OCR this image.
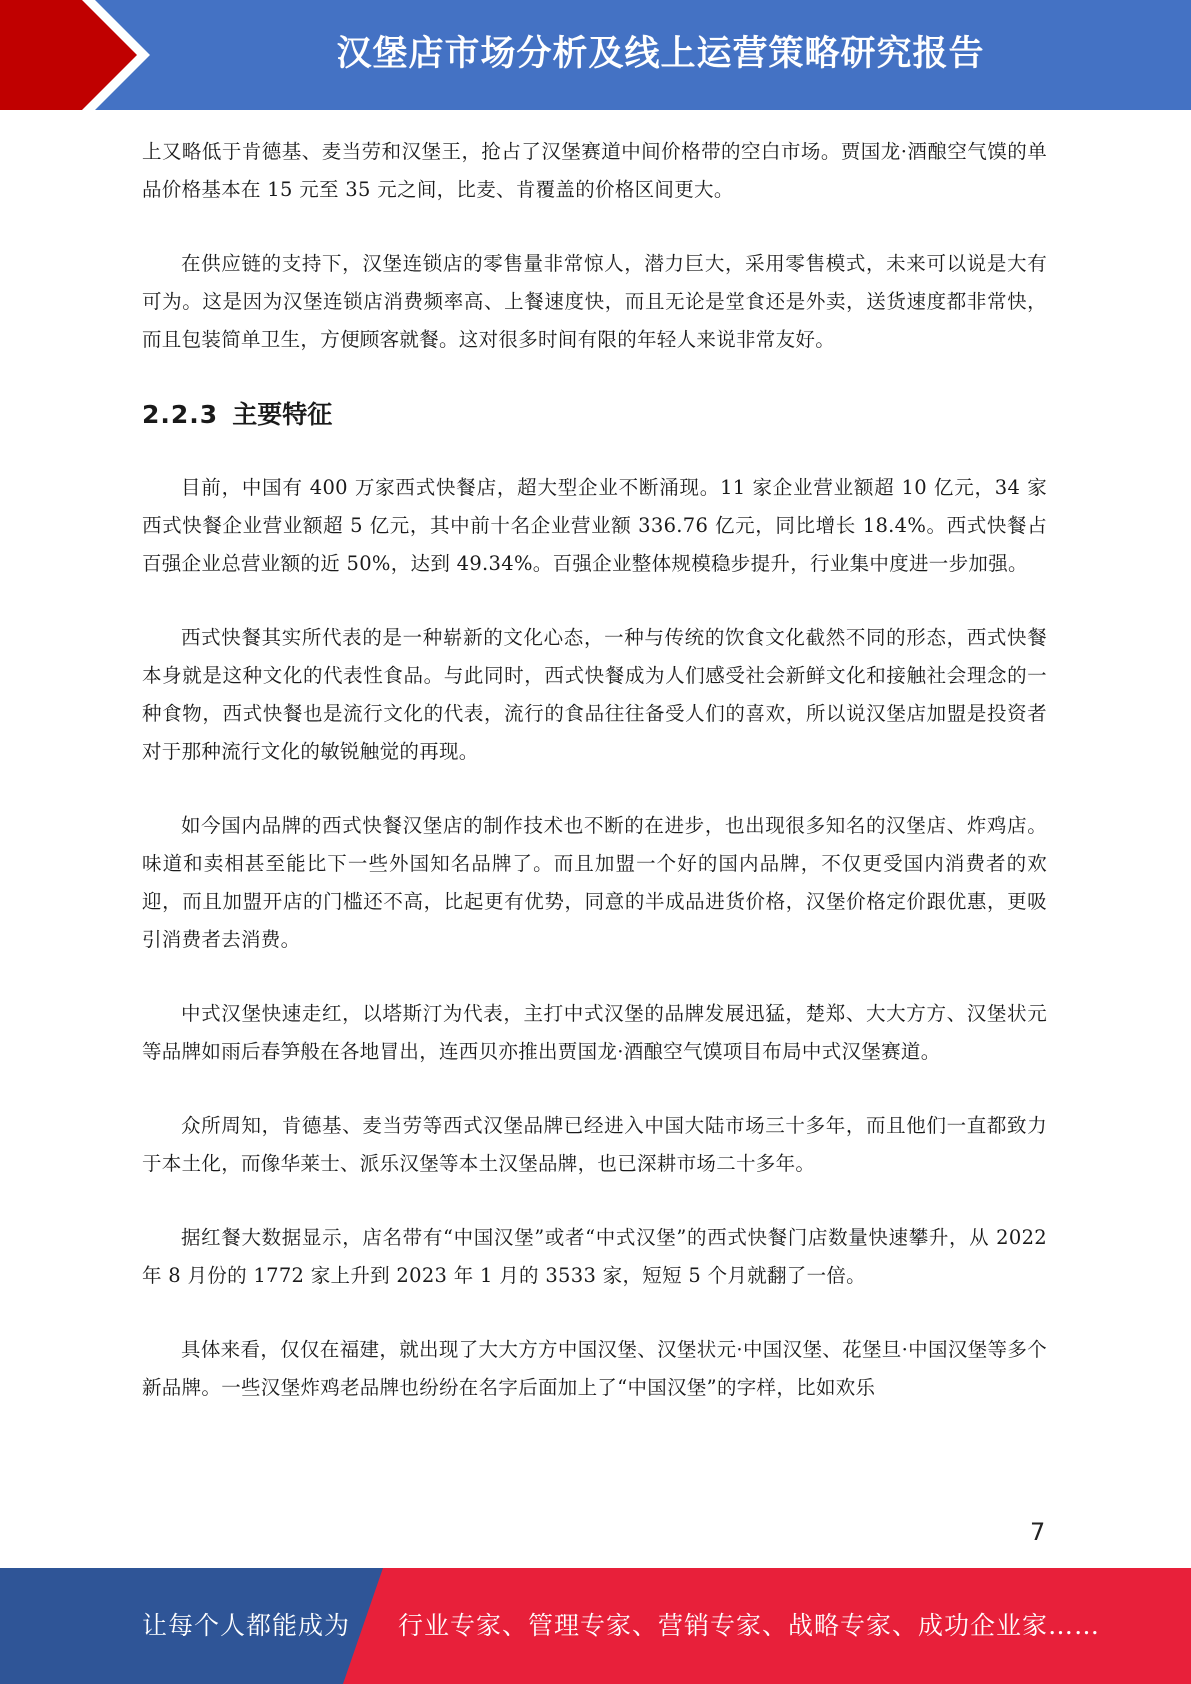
汉堡店市场分析及线上运营策略研究报告

上又略低于肯德基、麦当劳和汉堡王，抢占了汉堡赛道中间价格带的空白市场。贾国龙·酒酿空气馍的单品价格基本在 15 元至 35 元之间，比麦、肯覆盖的价格区间更大。

在供应链的支持下，汉堡连锁店的零售量非常惊人，潜力巨大，采用零售模式，未来可以说是大有可为。这是因为汉堡连锁店消费频率高、上餐速度快，而且无论是堂食还是外卖，送货速度都非常快，而且包装简单卫生，方便顾客就餐。这对很多时间有限的年轻人来说非常友好。

2.2.3 主要特征

目前，中国有 400 万家西式快餐店，超大型企业不断涌现。11 家企业营业额超 10 亿元，34 家西式快餐企业营业额超 5 亿元，其中前十名企业营业额 336.76 亿元，同比增长 18.4%。西式快餐占百强企业总营业额的近 50%，达到 49.34%。百强企业整体规模稳步提升，行业集中度进一步加强。

西式快餐其实所代表的是一种崭新的文化心态，一种与传统的饮食文化截然不同的形态，西式快餐本身就是这种文化的代表性食品。与此同时，西式快餐成为人们感受社会新鲜文化和接触社会理念的一种食物，西式快餐也是流行文化的代表，流行的食品往往备受人们的喜欢，所以说汉堡店加盟是投资者对于那种流行文化的敏锐触觉的再现。

如今国内品牌的西式快餐汉堡店的制作技术也不断的在进步，也出现很多知名的汉堡店、炸鸡店。味道和卖相甚至能比下一些外国知名品牌了。而且加盟一个好的国内品牌，不仅更受国内消费者的欢迎，而且加盟开店的门槛还不高，比起更有优势，同意的半成品进货价格，汉堡价格定价跟优惠，更吸引消费者去消费。

中式汉堡快速走红，以塔斯汀为代表，主打中式汉堡的品牌发展迅猛，楚郑、大大方方、汉堡状元等品牌如雨后春笋般在各地冒出，连西贝亦推出贾国龙·酒酿空气馍项目布局中式汉堡赛道。

众所周知，肯德基、麦当劳等西式汉堡品牌已经进入中国大陆市场三十多年，而且他们一直都致力于本土化，而像华莱士、派乐汉堡等本土汉堡品牌，也已深耕市场二十多年。

据红餐大数据显示，店名带有“中国汉堡”或者“中式汉堡”的西式快餐门店数量快速攀升，从 2022 年 8 月份的 1772 家上升到 2023 年 1 月的 3533 家，短短 5 个月就翻了一倍。

具体来看，仅仅在福建，就出现了大大方方中国汉堡、汉堡状元·中国汉堡、花堡旦·中国汉堡等多个新品牌。一些汉堡炸鸡老品牌也纷纷在名字后面加上了“中国汉堡”的字样，比如欢乐

7
让每个人都能成为 行业专家、管理专家、营销专家、战略专家、成功企业家……
